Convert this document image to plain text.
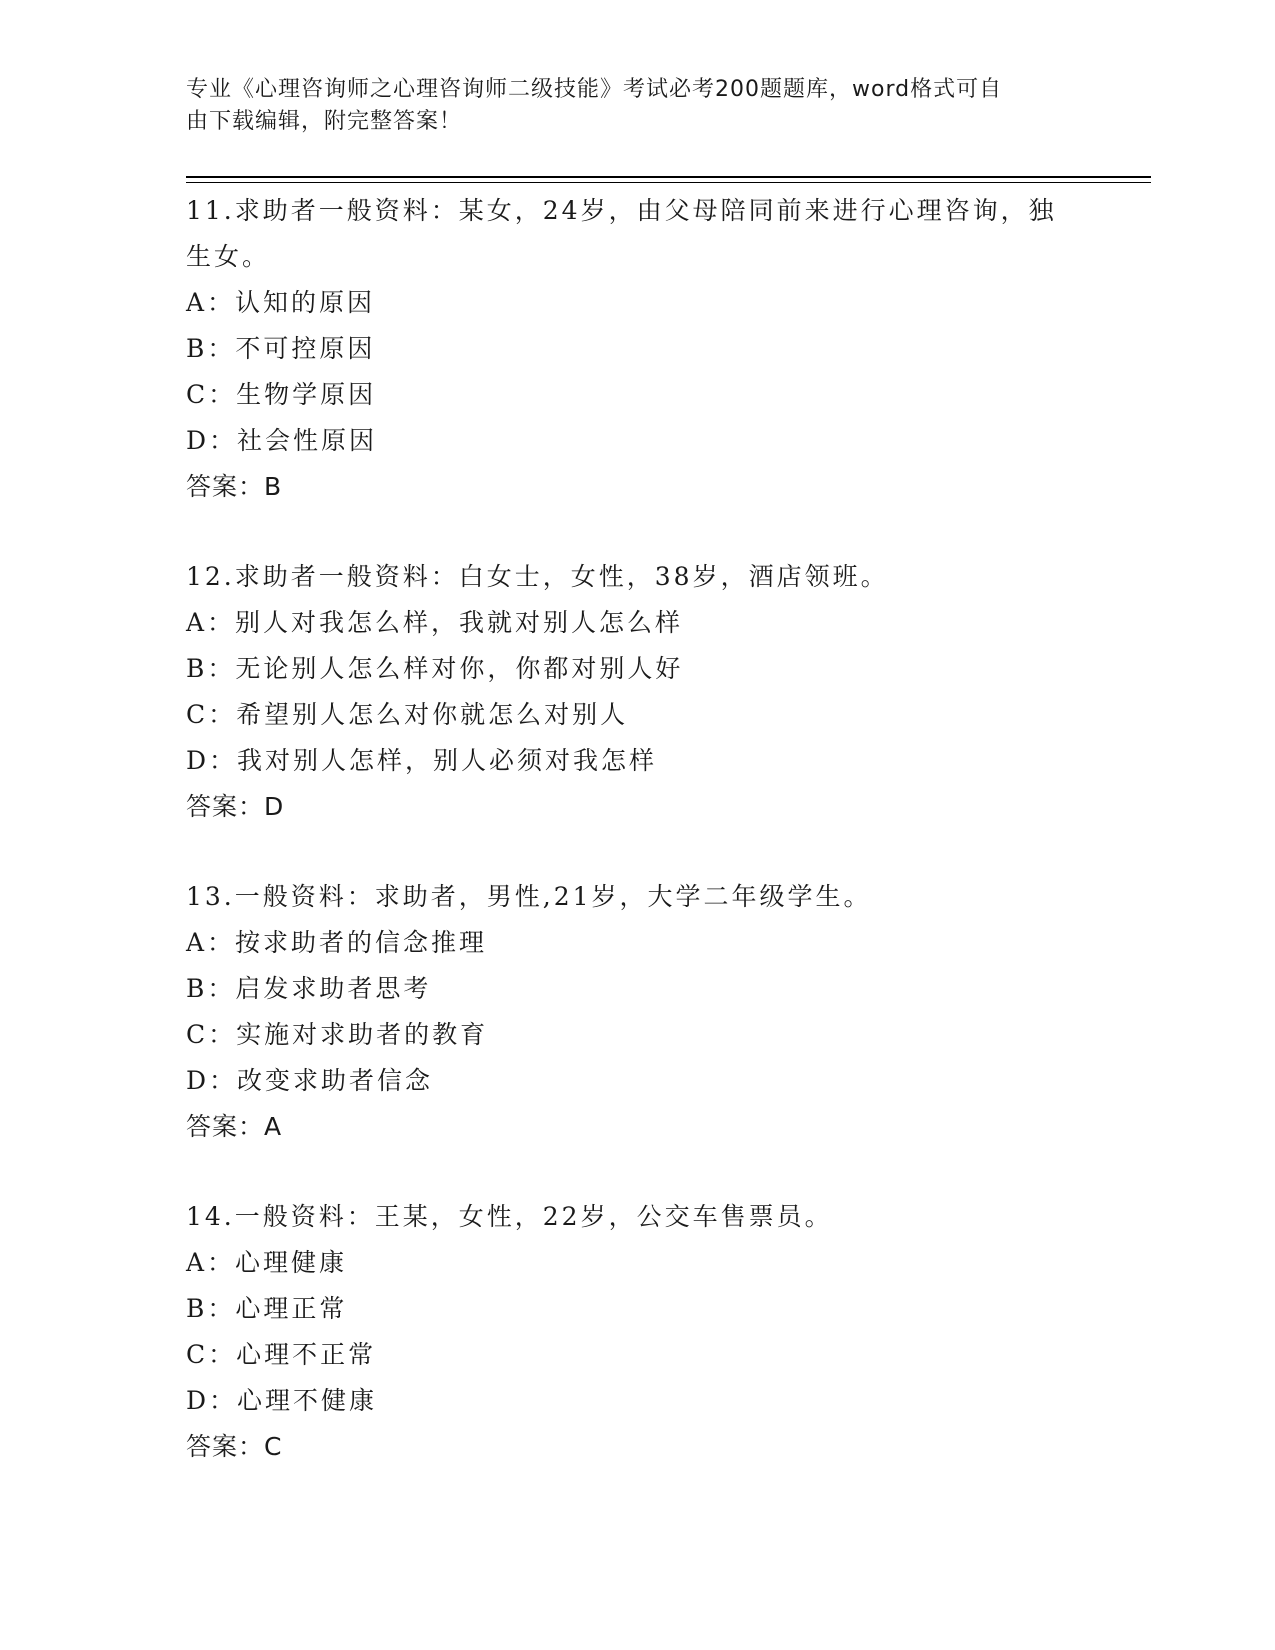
专业《心理咨询师之心理咨询师二级技能》考试必考200题题库，word格式可自
由下载编辑，附完整答案！
11.求助者一般资料：某女，24岁，由父母陪同前来进行心理咨询，独
生女。
A：认知的原因
B：不可控原因
C：生物学原因
D：社会性原因
答案：B
12.求助者一般资料：白女士，女性，38岁，酒店领班。
A：别人对我怎么样，我就对别人怎么样
B：无论别人怎么样对你，你都对别人好
C：希望别人怎么对你就怎么对别人
D：我对别人怎样，别人必须对我怎样
答案：D
13.一般资料：求助者，男性,21岁，大学二年级学生。
A：按求助者的信念推理
B：启发求助者思考
C：实施对求助者的教育
D：改变求助者信念
答案：A
14.一般资料：王某，女性，22岁，公交车售票员。
A：心理健康
B：心理正常
C：心理不正常
D：心理不健康
答案：C
